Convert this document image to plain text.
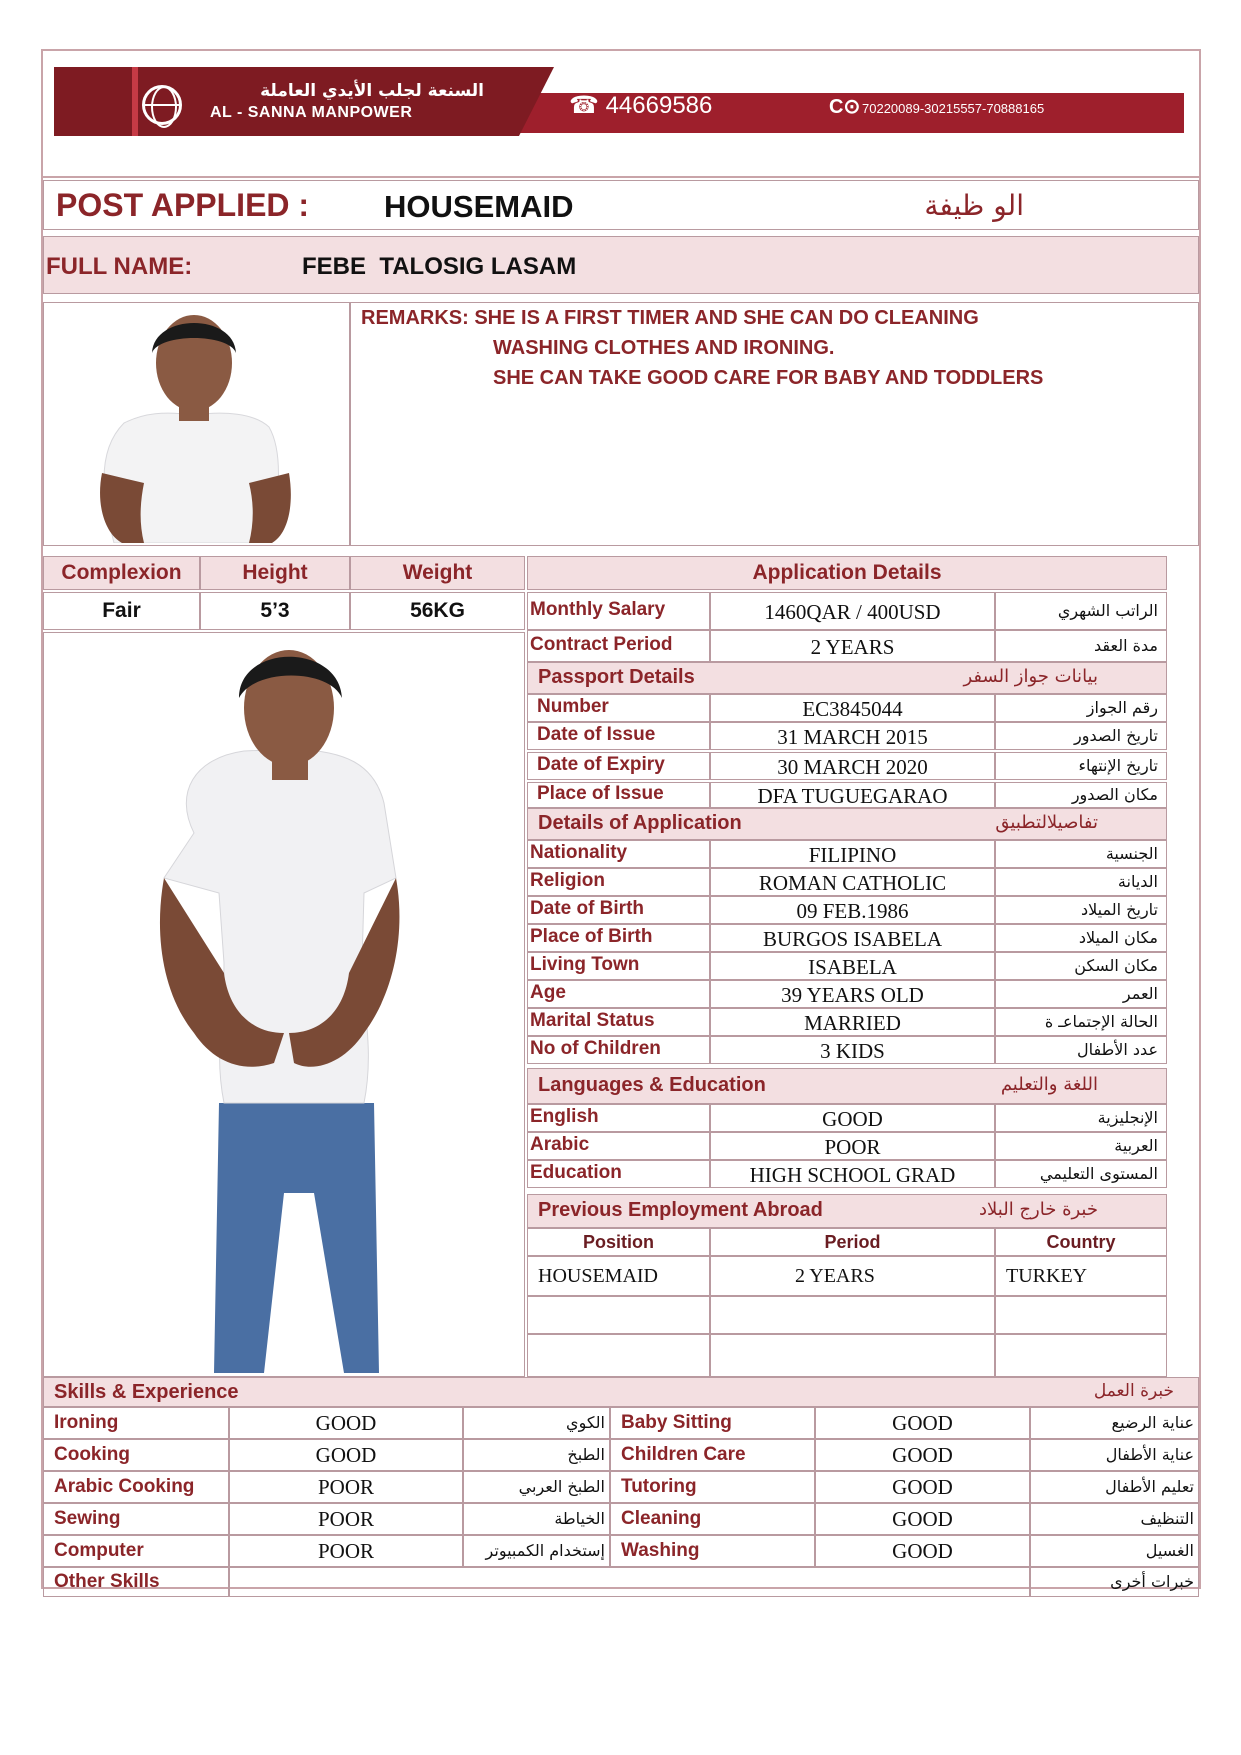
السنعة لجلب الأيدي العاملة
AL - SANNA MANPOWER	☎ 44669586	C⊙ 70220089-30215557-70888165
POST APPLIED : HOUSEMAID	الو ظيفة
FULL NAME:	FEBE  TALOSIG LASAM
REMARKS: SHE IS A FIRST TIMER AND SHE CAN DO CLEANING
WASHING CLOTHES AND IRONING.
SHE CAN TAKE GOOD CARE FOR BABY AND TODDLERS
Complexion	Height	Weight
Fair	5’3	56KG
Application Details
Monthly Salary	1460QAR / 400USD	الراتب الشهري
Contract Period	2 YEARS	مدة العقد
Passport Details	بيانات جواز السفر
Number	EC3845044	رقم الجواز
Date of Issue	31 MARCH 2015	تاريخ الصدور
Date of Expiry	30 MARCH 2020	تاريخ الإنتهاء
Place of Issue	DFA TUGUEGARAO	مكان الصدور
Details of Application	تفاصيلالتطبيق
Nationality	FILIPINO	الجنسية
Religion	ROMAN CATHOLIC	الديانة
Date of Birth	09 FEB.1986	تاريخ الميلاد
Place of Birth	BURGOS ISABELA	مكان الميلاد
Living Town	ISABELA	مكان السكن
Age	39 YEARS OLD	العمر
Marital Status	MARRIED	الحالة الإجتماعـ ة
No of Children	3 KIDS	عدد الأطفال
Languages & Education	اللغة والتعليم
English	GOOD	الإنجليزية
Arabic	POOR	العربية
Education	HIGH SCHOOL GRAD	المستوى التعليمي
Previous Employment Abroad	خبرة خارج البلاد
Position	Period	Country
HOUSEMAID	2 YEARS	TURKEY
Skills & Experience	خبرة العمل
Ironing	GOOD	الكوي Baby Sitting	GOOD	عناية الرضيع
Cooking	GOOD	الطبخ Children Care	GOOD	عناية الأطفال
Arabic Cooking	POOR	الطبخ العربي Tutoring	GOOD	تعليم الأطفال
Sewing	POOR	الخياطة Cleaning	GOOD	التنظيف
Computer	POOR	إستخدام الكمبيوتر Washing	GOOD	الغسيل
Other Skills	خبرات أخرى
